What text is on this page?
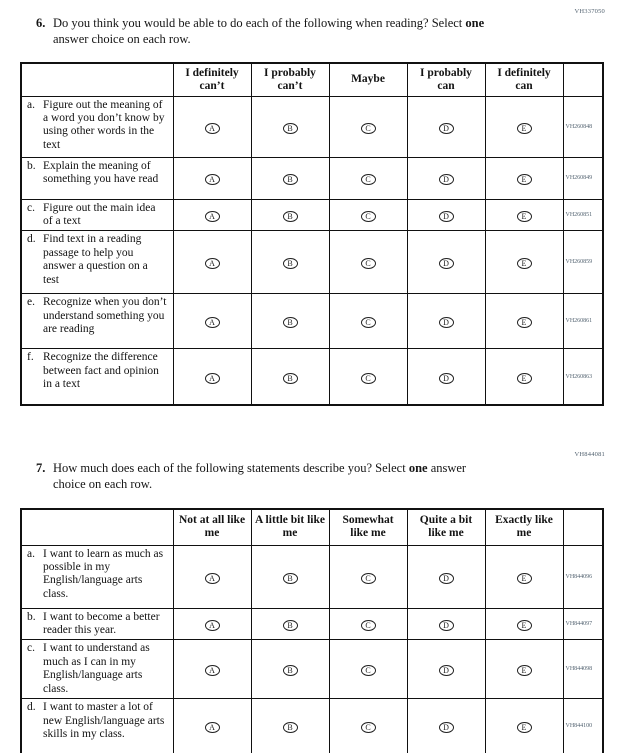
VH337050
6. Do you think you would be able to do each of the following when reading? Select one
answer choice on each row.
	I definitely can’t	I probably can’t	Maybe	I probably can	I definitely can	

a. Figure out the meaning of a word you don’t know by using other words in the text	A	B	C	D	E	VH260848

b. Explain the meaning of something you have read	A	B	C	D	E	VH260849

c. Figure out the main idea of a text	A	B	C	D	E	VH260851

d. Find text in a reading passage to help you answer a question on a test	A	B	C	D	E	VH260859

e. Recognize when you don’t understand something you are reading	A	B	C	D	E	VH260861

f. Recognize the difference between fact and opinion in a text	A	B	C	D	E	VH260863
VH844081
7. How much does each of the following statements describe you? Select one answer
choice on each row.
	Not at all like me	A little bit like me	Somewhat like me	Quite a bit like me	Exactly like me	

a. I want to learn as much as possible in my English/language arts class.	A	B	C	D	E	VH844096

b. I want to become a better reader this year.	A	B	C	D	E	VH844097

c. I want to understand as much as I can in my English/language arts class.	A	B	C	D	E	VH844098

d. I want to master a lot of new English/language arts skills in my class.	A	B	C	D	E	VH844100
